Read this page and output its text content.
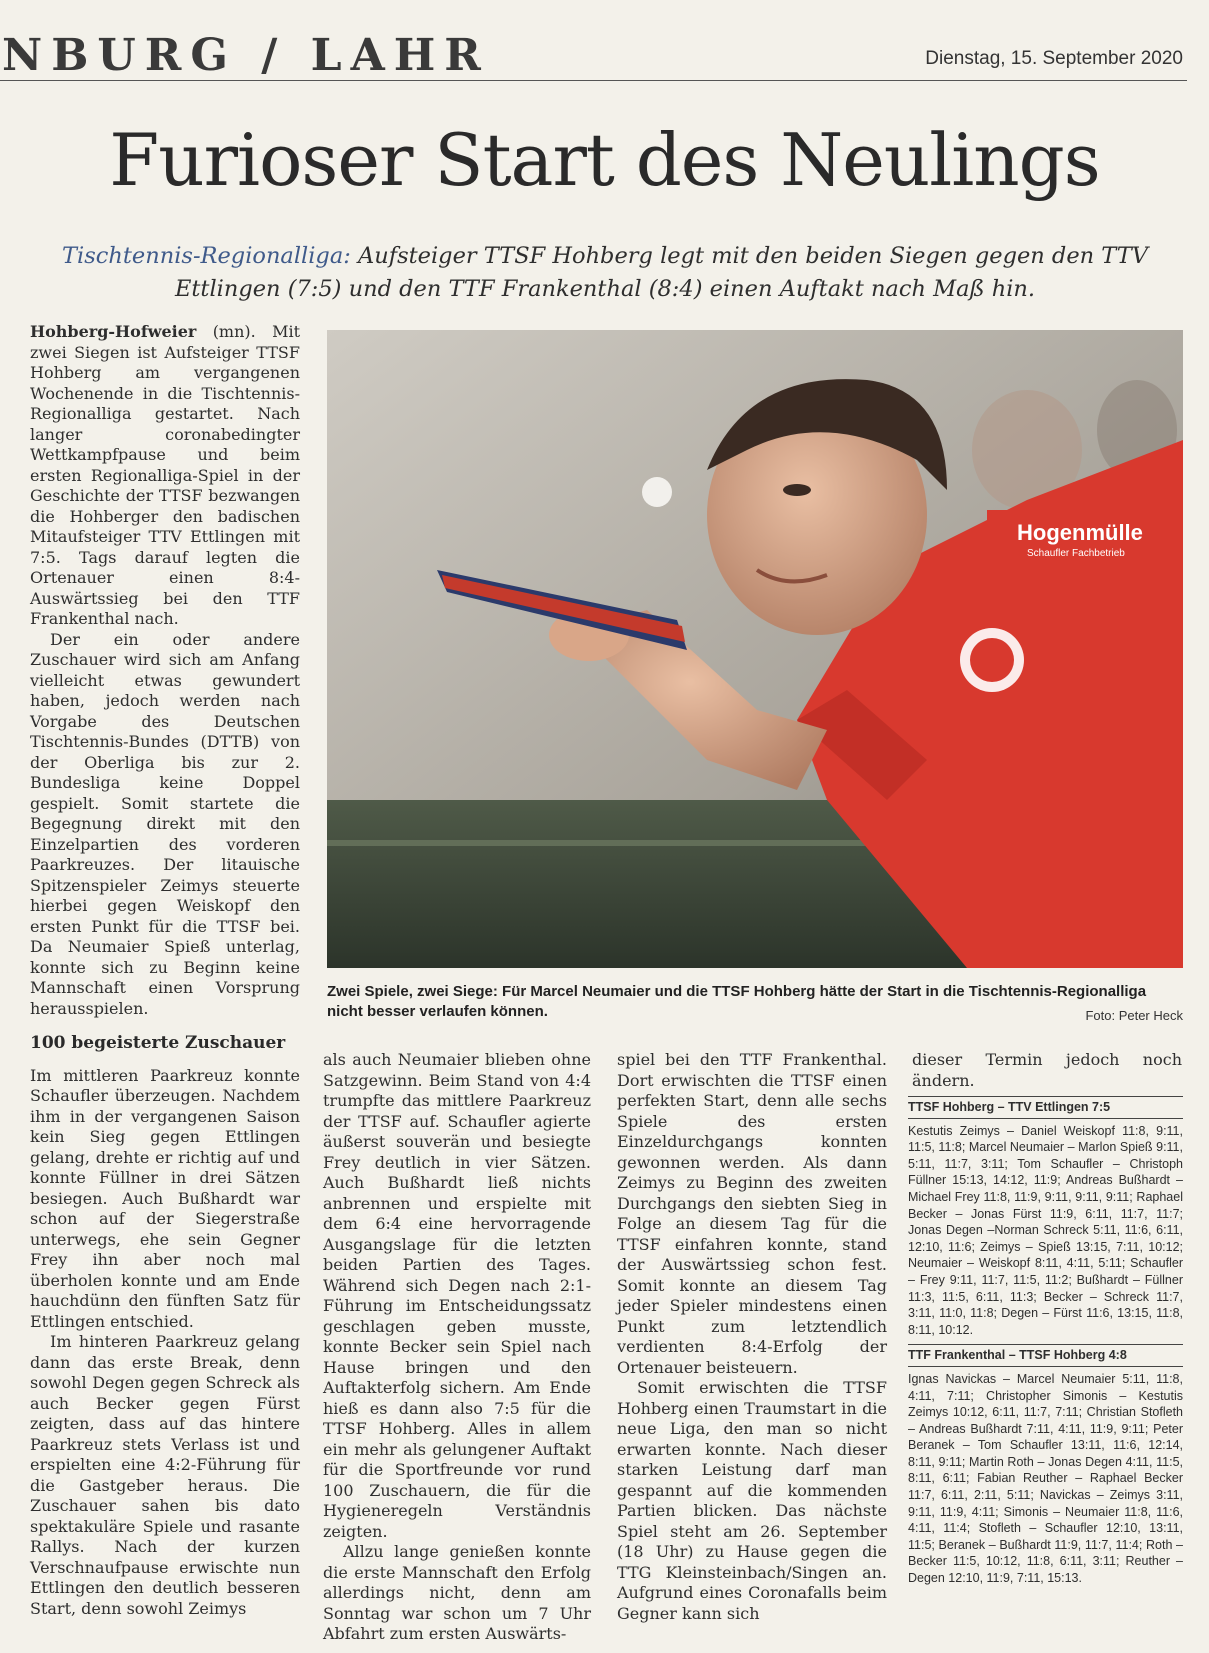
NBURG / LAHR	Dienstag, 15. September 2020
Furioser Start des Neulings
Tischtennis-Regionalliga: Aufsteiger TTSF Hohberg legt mit den beiden Siegen gegen den TTV Ettlingen (7:5) und den TTF Frankenthal (8:4) einen Auftakt nach Maß hin.

Hohberg-Hofweier (mn). Mit zwei Siegen ist Aufsteiger TTSF Hohberg am vergangenen Wochenende in die Tischtennis-Regionalliga gestartet. Nach langer coronabedingter Wettkampfpause und beim ersten Regionalliga-Spiel in der Geschichte der TTSF bezwangen die Hohberger den badischen Mitaufsteiger TTV Ettlingen mit 7:5. Tags darauf legten die Ortenauer einen 8:4-Auswärtssieg bei den TTF Frankenthal nach.

Der ein oder andere Zuschauer wird sich am Anfang vielleicht etwas gewundert haben, jedoch werden nach Vorgabe des Deutschen Tischtennis-Bundes (DTTB) von der Oberliga bis zur 2. Bundesliga keine Doppel gespielt. Somit startete die Begegnung direkt mit den Einzelpartien des vorderen Paarkreuzes. Der litauische Spitzenspieler Zeimys steuerte hierbei gegen Weiskopf den ersten Punkt für die TTSF bei. Da Neumaier Spieß unterlag, konnte sich zu Beginn keine Mannschaft einen Vorsprung herausspielen.

100 begeisterte Zuschauer

Im mittleren Paarkreuz konnte Schaufler überzeugen. Nachdem ihm in der vergangenen Saison kein Sieg gegen Ettlingen gelang, drehte er richtig auf und konnte Füllner in drei Sätzen besiegen. Auch Bußhardt war schon auf der Siegerstraße unterwegs, ehe sein Gegner Frey ihn aber noch mal überholen konnte und am Ende hauchdünn den fünften Satz für Ettlingen entschied.

Im hinteren Paarkreuz gelang dann das erste Break, denn sowohl Degen gegen Schreck als auch Becker gegen Fürst zeigten, dass auf das hintere Paarkreuz stets Verlass ist und erspielten eine 4:2-Führung für die Gastgeber heraus. Die Zuschauer sahen bis dato spektakuläre Spiele und rasante Rallys. Nach der kurzen Verschnaufpause erwischte nun Ettlingen den deutlich besseren Start, denn sowohl Zeimys

Hogenmülle
Schaufler Fachbetrieb
Zwei Spiele, zwei Siege: Für Marcel Neumaier und die TTSF Hohberg hätte der Start in die Tischtennis-Regionalliga nicht besser verlaufen können.	Foto: Peter Heck

als auch Neumaier blieben ohne Satzgewinn. Beim Stand von 4:4 trumpfte das mittlere Paarkreuz der TTSF auf. Schaufler agierte äußerst souverän und besiegte Frey deutlich in vier Sätzen. Auch Bußhardt ließ nichts anbrennen und erspielte mit dem 6:4 eine hervorragende Ausgangslage für die letzten beiden Partien des Tages. Während sich Degen nach 2:1-Führung im Entscheidungssatz geschlagen geben musste, konnte Becker sein Spiel nach Hause bringen und den Auftakterfolg sichern. Am Ende hieß es dann also 7:5 für die TTSF Hohberg. Alles in allem ein mehr als gelungener Auftakt für die Sportfreunde vor rund 100 Zuschauern, die für die Hygieneregeln Verständnis zeigten.

Allzu lange genießen konnte die erste Mannschaft den Erfolg allerdings nicht, denn am Sonntag war schon um 7 Uhr Abfahrt zum ersten Auswärts-

spiel bei den TTF Frankenthal. Dort erwischten die TTSF einen perfekten Start, denn alle sechs Spiele des ersten Einzeldurchgangs konnten gewonnen werden. Als dann Zeimys zu Beginn des zweiten Durchgangs den siebten Sieg in Folge an diesem Tag für die TTSF einfahren konnte, stand der Auswärtssieg schon fest. Somit konnte an diesem Tag jeder Spieler mindestens einen Punkt zum letztendlich verdienten 8:4-Erfolg der Ortenauer beisteuern.

Somit erwischten die TTSF Hohberg einen Traumstart in die neue Liga, den man so nicht erwarten konnte. Nach dieser starken Leistung darf man gespannt auf die kommenden Partien blicken. Das nächste Spiel steht am 26. September (18 Uhr) zu Hause gegen die TTG Kleinsteinbach/Singen an. Aufgrund eines Coronafalls beim Gegner kann sich

dieser Termin jedoch noch ändern.

TTSF Hohberg – TTV Ettlingen 7:5

Kestutis Zeimys – Daniel Weiskopf 11:8, 9:11, 11:5, 11:8; Marcel Neumaier – Marlon Spieß 9:11, 5:11, 11:7, 3:11; Tom Schaufler – Christoph Füllner 15:13, 14:12, 11:9; Andreas Bußhardt – Michael Frey 11:8, 11:9, 9:11, 9:11, 9:11; Raphael Becker – Jonas Fürst 11:9, 6:11, 11:7, 11:7; Jonas Degen –Norman Schreck 5:11, 11:6, 6:11, 12:10, 11:6; Zeimys – Spieß 13:15, 7:11, 10:12; Neumaier – Weiskopf 8:11, 4:11, 5:11; Schaufler – Frey 9:11, 11:7, 11:5, 11:2; Bußhardt – Füllner 11:3, 11:5, 6:11, 11:3; Becker – Schreck 11:7, 3:11, 11:0, 11:8; Degen – Fürst 11:6, 13:15, 11:8, 8:11, 10:12.

TTF Frankenthal – TTSF Hohberg 4:8

Ignas Navickas – Marcel Neumaier 5:11, 11:8, 4:11, 7:11; Christopher Simonis – Kestutis Zeimys 10:12, 6:11, 11:7, 7:11; Christian Stofleth – Andreas Bußhardt 7:11, 4:11, 11:9, 9:11; Peter Beranek – Tom Schaufler 13:11, 11:6, 12:14, 8:11, 9:11; Martin Roth – Jonas Degen 4:11, 11:5, 8:11, 6:11; Fabian Reuther – Raphael Becker 11:7, 6:11, 2:11, 5:11; Navickas – Zeimys 3:11, 9:11, 11:9, 4:11; Simonis – Neumaier 11:8, 11:6, 4:11, 11:4; Stofleth – Schaufler 12:10, 13:11, 11:5; Beranek – Bußhardt 11:9, 11:7, 11:4; Roth – Becker 11:5, 10:12, 11:8, 6:11, 3:11; Reuther – Degen 12:10, 11:9, 7:11, 15:13.
